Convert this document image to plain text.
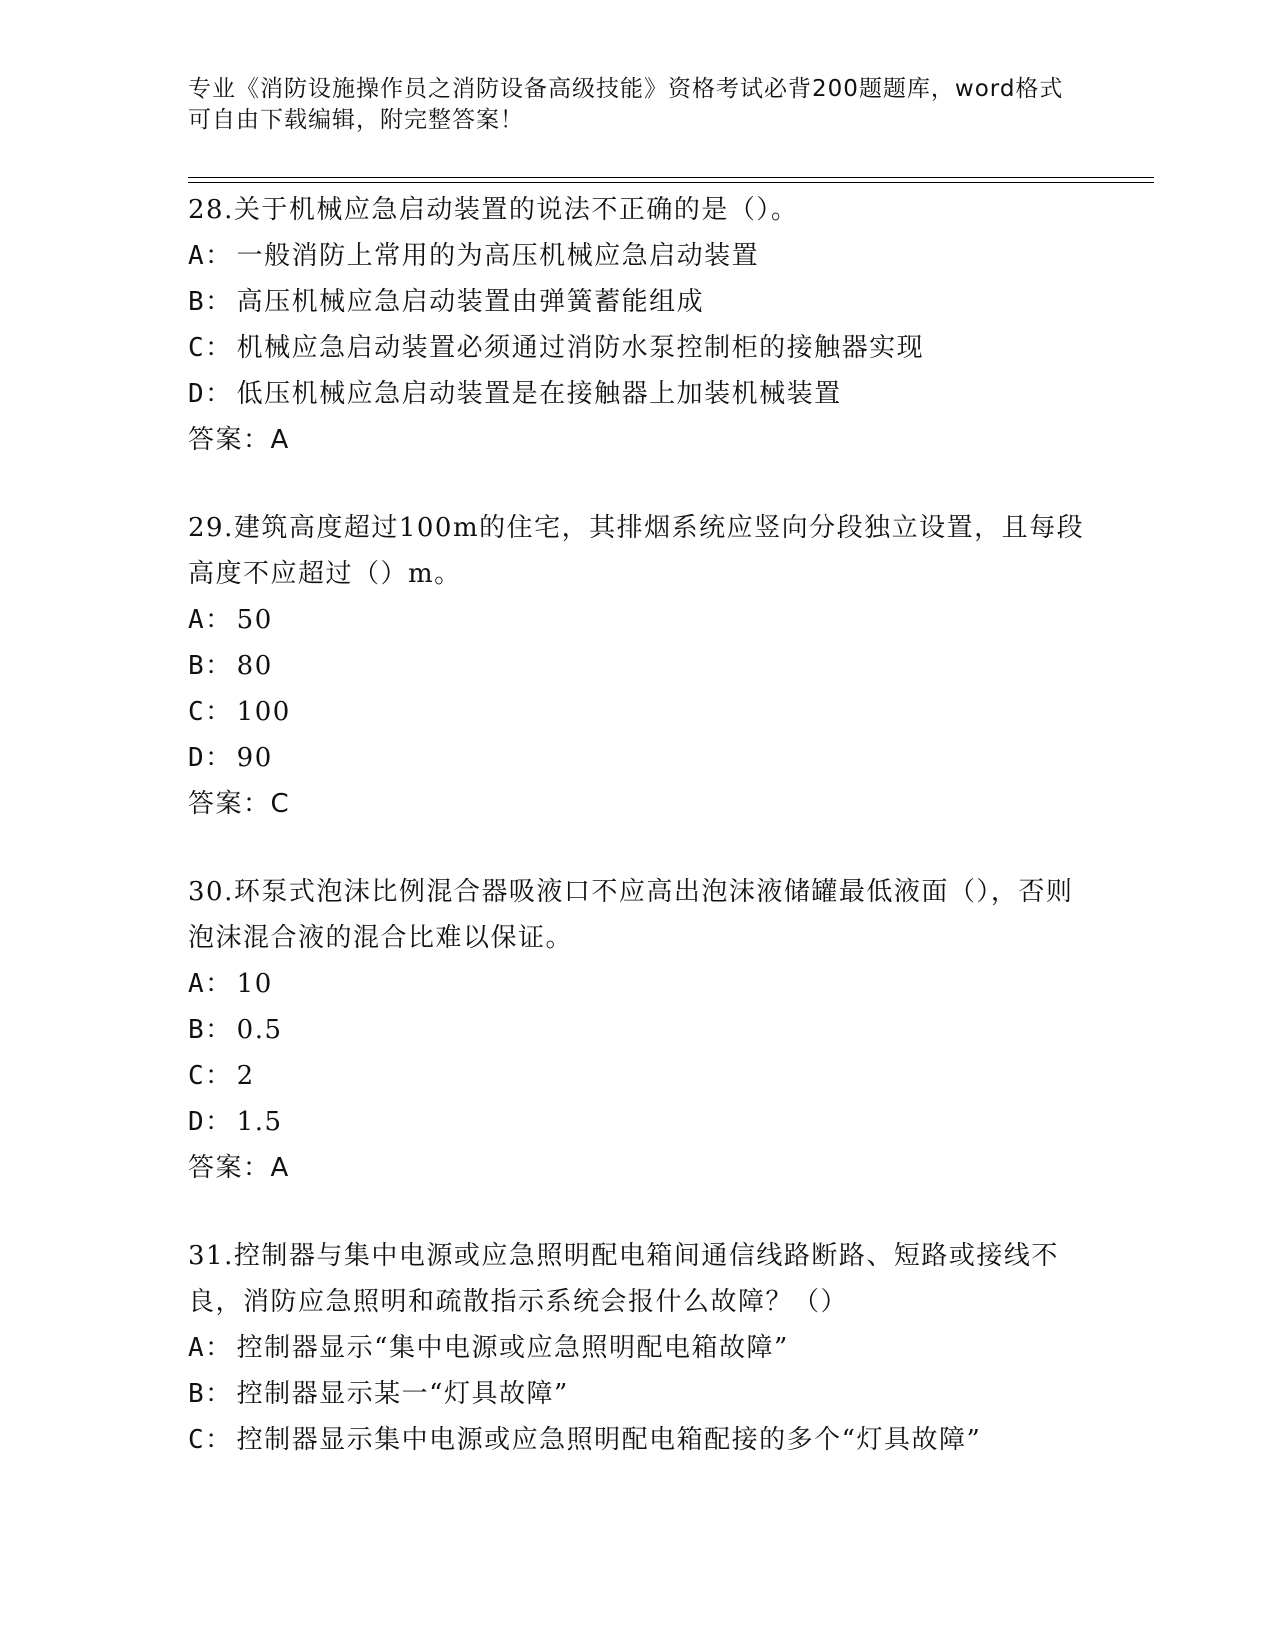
专业《消防设施操作员之消防设备高级技能》资格考试必背200题题库，word格式可自由下载编辑，附完整答案！
28.关于机械应急启动装置的说法不正确的是（）。
A： 一般消防上常用的为高压机械应急启动装置
B： 高压机械应急启动装置由弹簧蓄能组成
C： 机械应急启动装置必须通过消防水泵控制柜的接触器实现
D： 低压机械应急启动装置是在接触器上加装机械装置
答案：A
29.建筑高度超过100m的住宅，其排烟系统应竖向分段独立设置，且每段高度不应超过（）m。
A： 50
B： 80
C： 100
D： 90
答案：C
30.环泵式泡沫比例混合器吸液口不应高出泡沫液储罐最低液面（），否则泡沫混合液的混合比难以保证。
A： 10
B： 0.5
C： 2
D： 1.5
答案：A
31.控制器与集中电源或应急照明配电箱间通信线路断路、短路或接线不良，消防应急照明和疏散指示系统会报什么故障？（）
A： 控制器显示“集中电源或应急照明配电箱故障”
B： 控制器显示某一“灯具故障”
C： 控制器显示集中电源或应急照明配电箱配接的多个“灯具故障”
